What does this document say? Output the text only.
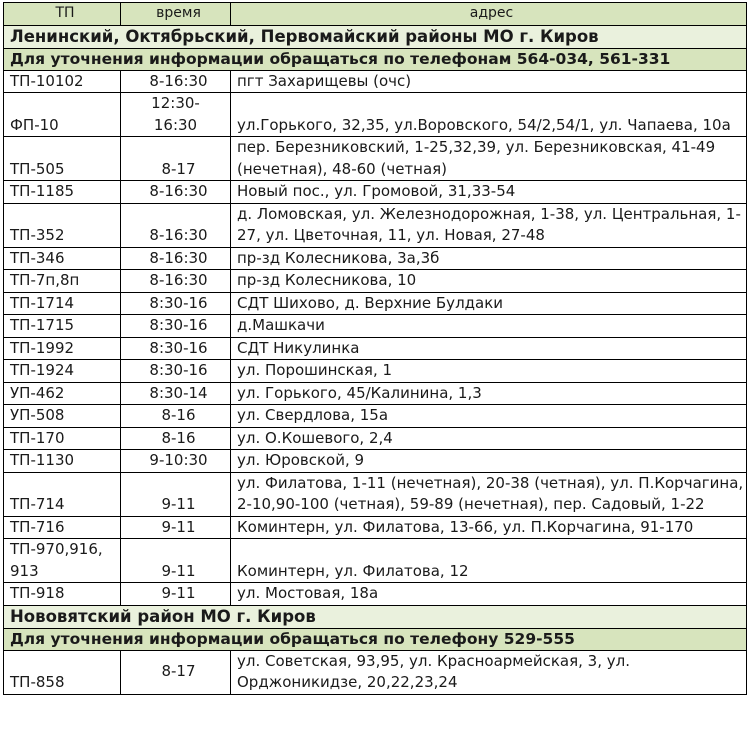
ТП	время	адрес
Ленинский, Октябрьский, Первомайский районы МО г. Киров		
Для уточнения информации обращаться по телефонам 564-034, 561-331		
ТП-10102	8-16:30	пгт Захарищевы (очс)
ФП-10	12:30-16:30	ул.Горького, 32,35, ул.Воровского, 54/2,54/1, ул. Чапаева, 10а
ТП-505	8-17	пер. Березниковский, 1-25,32,39, ул. Березниковская, 41-49 (нечетная), 48-60 (четная)
ТП-1185	8-16:30	Новый пос., ул. Громовой, 31,33-54
ТП-352	8-16:30	д. Ломовская, ул. Железнодорожная, 1-38, ул. Центральная, 1-27, ул. Цветочная, 11, ул. Новая, 27-48
ТП-346	8-16:30	пр-зд Колесникова, 3а,3б
ТП-7п,8п	8-16:30	пр-зд Колесникова, 10
ТП-1714	8:30-16	СДТ Шихово, д. Верхние Булдаки
ТП-1715	8:30-16	д.Машкачи
ТП-1992	8:30-16	СДТ Никулинка
ТП-1924	8:30-16	ул. Порошинская, 1
УП-462	8:30-14	ул. Горького, 45/Калинина, 1,3
УП-508	8-16	ул. Свердлова, 15а
ТП-170	8-16	ул. О.Кошевого, 2,4
ТП-1130	9-10:30	ул. Юровской, 9
ТП-714	9-11	ул. Филатова, 1-11 (нечетная), 20-38 (четная), ул. П.Корчагина, 2-10,90-100 (четная), 59-89 (нечетная), пер. Садовый, 1-22
ТП-716	9-11	Коминтерн, ул. Филатова, 13-66, ул. П.Корчагина, 91-170
ТП-970,916,913	9-11	Коминтерн, ул. Филатова, 12
ТП-918	9-11	ул. Мостовая, 18а
Нововятский район МО г. Киров		
Для уточнения информации обращаться по телефону 529-555		
ТП-858	8-17	ул. Советская, 93,95, ул. Красноармейская, 3, ул. Орджоникидзе, 20,22,23,24
